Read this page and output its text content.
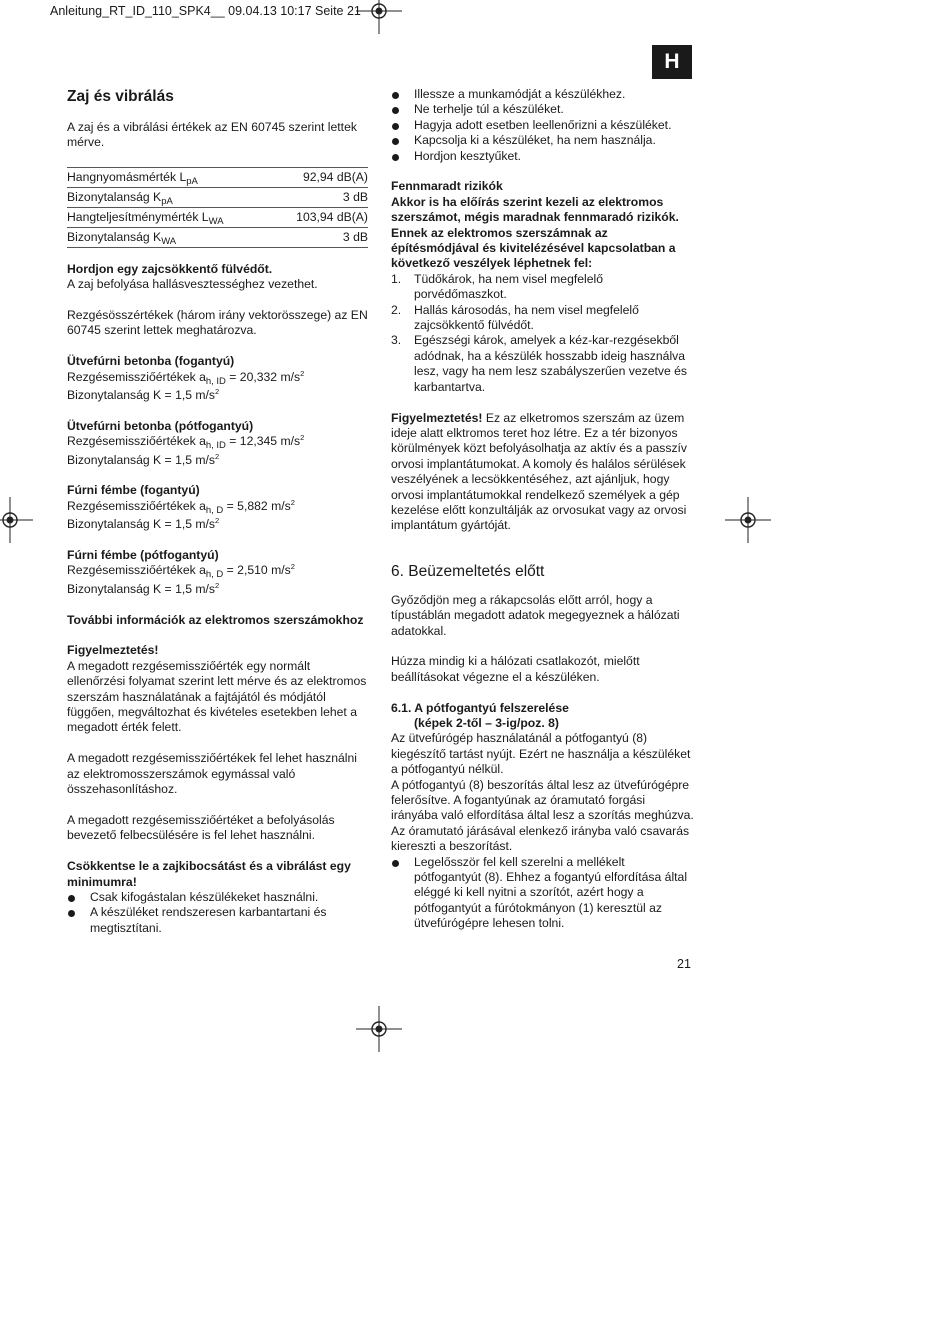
Anleitung_RT_ID_110_SPK4__ 09.04.13 10:17 Seite 21
H
Zaj és vibrálás

A zaj és a vibrálási értékek az EN 60745 szerint lettek mérve.

Hangnyomásmérték $L_{pA}$	92,94 dB(A)
Bizonytalanság $K_{pA}$	3 dB
Hangteljesítménymérték $L_{WA}$	103,94 dB(A)
Bizonytalanság $K_{WA}$	3 dB

Hordjon egy zajcsökkentő fülvédőt.

A zaj befolyása hallásvesztességhez vezethet.

Rezgésösszértékek (három irány vektorösszege) az EN 60745 szerint lettek meghatározva.

Ütvefúrni betonba (fogantyú)

Rezgésemissziőértékek $a_{h, ID} = 20,332$ $m/s^2$

Bizonytalanság K = 1,5 $m/s^2$

Ütvefúrni betonba (pótfogantyú)

Rezgésemissziőértékek $a_{h, ID} = 12,345$ $m/s^2$

Bizonytalanság K = 1,5 $m/s^2$

Fúrni fémbe (fogantyú)

Rezgésemissziőértékek $a_{h, D} = 5,882$ $m/s^2$

Bizonytalanság K = 1,5 $m/s^2$

Fúrni fémbe (pótfogantyú)

Rezgésemissziőértékek $a_{h, D} = 2,510$ $m/s^2$

Bizonytalanság K = 1,5 $m/s^2$

További információk az elektromos szerszámokhoz

Figyelmeztetés!

A megadott rezgésemissziőérték egy normált ellenőrzési folyamat szerint lett mérve és az elektromos szerszám használatának a fajtájától és módjától függően, megváltozhat és kivételes esetekben lehet a megadott érték felett.

A megadott rezgésemissziőértékek fel lehet használni az elektromosszerszámok egymással való összehasonlításhoz.

A megadott rezgésemissziőértéket a befolyásolás bevezető felbecsülésére is fel lehet használni.

Csökkentse le a zajkibocsátást és a vibrálást egy minimumra!

Csak kifogástalan készülékeket használni.
A készüléket rendszeresen karbantartani és megtisztítani.
Illessze a munkamódját a készülékhez.
Ne terhelje túl a készüléket.
Hagyja adott esetben leellenőrizni a készüléket.
Kapcsolja ki a készüléket, ha nem használja.
Hordjon kesztyűket.

Fennmaradt rizikók

Akkor is ha előírás szerint kezeli az elektromos szerszámot, mégis maradnak fennmaradó rizikók. Ennek az elektromos szerszámnak az építésmódjával és kivitelézésével kapcsolatban a következő veszélyek léphetnek fel:

1. Tüdőkárok, ha nem visel megfelelő porvédőmaszkot.
2. Hallás károsodás, ha nem visel megfelelő zajcsökkentő fülvédőt.
3. Egészségi károk, amelyek a kéz-kar-rezgésekből adódnak, ha a készülék hosszabb ideig használva lesz, vagy ha nem lesz szabályszerűen vezetve és karbantartva.

Figyelmeztetés! Ez az elketromos szerszám az üzem ideje alatt elktromos teret hoz létre. Ez a tér bizonyos körülmények közt befolyásolhatja az aktív és a passzív orvosi implantátumokat. A komoly és halálos sérülések veszélyének a lecsökkentéséhez, azt ajánljuk, hogy orvosi implantátumokkal rendelkező személyek a gép kezelése előtt konzultálják az orvosukat vagy az orvosi implantátum gyártóját.

6. Beüzemeltetés előtt

Győződjön meg a rákapcsolás előtt arról, hogy a típustáblán megadott adatok megegyeznek a hálózati adatokkal.

Húzza mindig ki a hálózati csatlakozót, mielőtt beállításokat végezne el a készüléken.

6.1. A pótfogantyú felszerelése

(képek 2-től – 3-ig/poz. 8)

Az ütvefúrógép használatánál a pótfogantyú (8) kiegészítő tartást nyújt. Ezért ne használja a készüléket a pótfogantyú nélkül.

A pótfogantyú (8) beszorítás által lesz az ütvefúrógépre felerősítve. A fogantyúnak az óramutató forgási irányába való elfordítása által lesz a szorítás meghúzva. Az óramutató járásával elenkező irányba való csavarás kiereszti a beszorítást.

Legelősször fel kell szerelni a mellékelt pótfogantyút (8). Ehhez a fogantyú elfordítása által eléggé ki kell nyitni a szorítót, azért hogy a pótfogantyút a fúrótokmányon (1) keresztül az ütvefúrógépre lehesen tolni.
21
